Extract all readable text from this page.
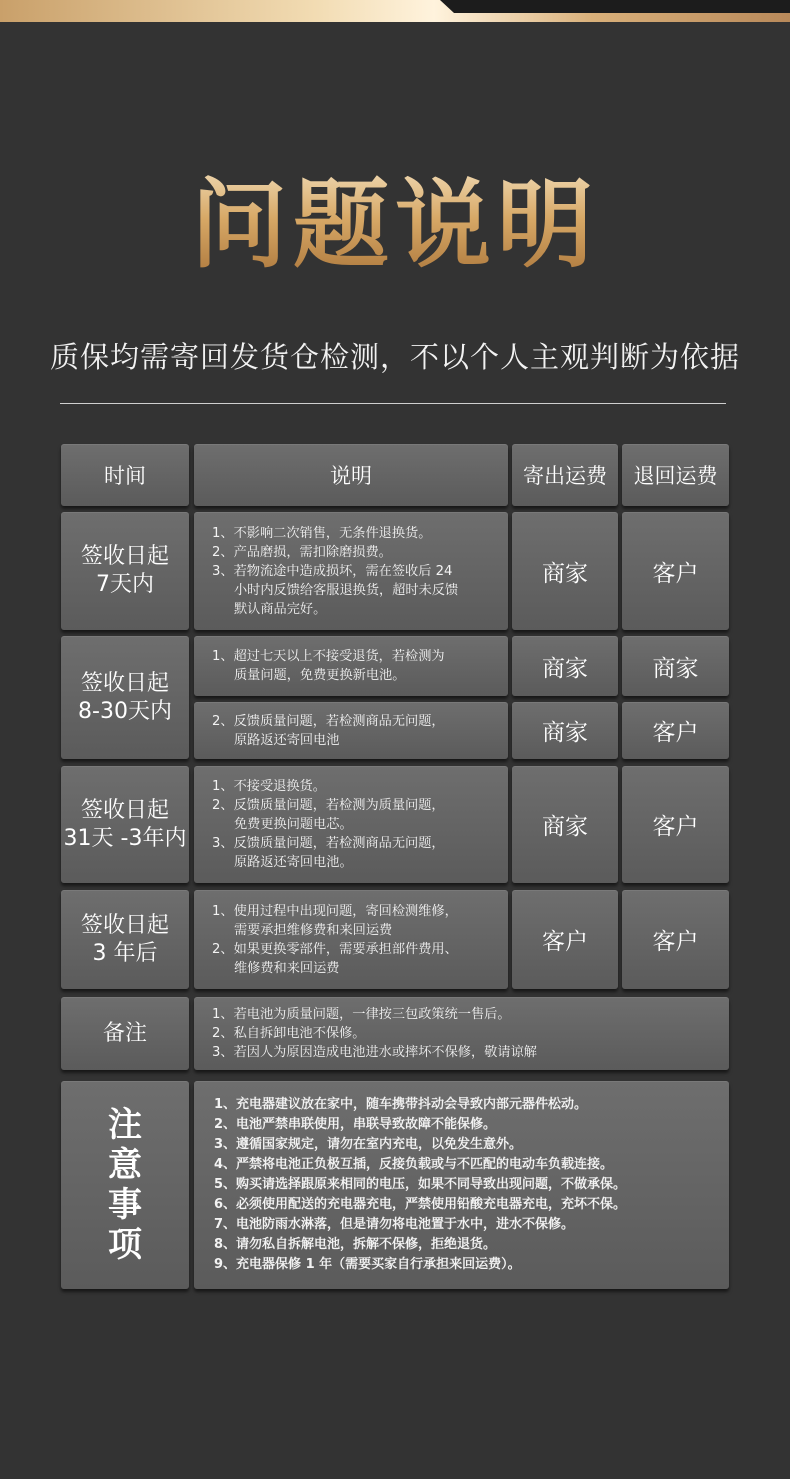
问题说明
质保均需寄回发货仓检测，不以个人主观判断为依据
时间	说明	寄出运费 退回运费
签收日起
7天内
1、不影响二次销售，无条件退换货。
2、产品磨损，需扣除磨损费。
3、若物流途中造成损坏，需在签收后 24
小时内反馈给客服退换货，超时未反馈
默认商品完好。
商家	客户
签收日起
8-30天内
1、超过七天以上不接受退货，若检测为
质量问题，免费更换新电池。	商家	商家
2、反馈质量问题，若检测商品无问题，
原路返还寄回电池	商家	客户
签收日起
31天 -3年内
1、不接受退换货。
2、反馈质量问题，若检测为质量问题，
免费更换问题电芯。
3、反馈质量问题，若检测商品无问题，
原路返还寄回电池。
商家	客户
签收日起
3 年后
1、使用过程中出现问题，寄回检测维修，
需要承担维修费和来回运费
2、如果更换零部件，需要承担部件费用、
维修费和来回运费
客户	客户
备注
1、若电池为质量问题，一律按三包政策统一售后。
2、私自拆卸电池不保修。
3、若因人为原因造成电池进水或摔坏不保修，敬请谅解
注
意
事
项
1、充电器建议放在家中，随车携带抖动会导致内部元器件松动。
2、电池严禁串联使用，串联导致故障不能保修。
3、遵循国家规定，请勿在室内充电，以免发生意外。
4、严禁将电池正负极互插，反接负载或与不匹配的电动车负载连接。
5、购买请选择跟原来相同的电压，如果不同导致出现问题，不做承保。
6、必须使用配送的充电器充电，严禁使用铅酸充电器充电，充坏不保。
7、电池防雨水淋落，但是请勿将电池置于水中，进水不保修。
8、请勿私自拆解电池，拆解不保修，拒绝退货。
9、充电器保修 1 年（需要买家自行承担来回运费）。
